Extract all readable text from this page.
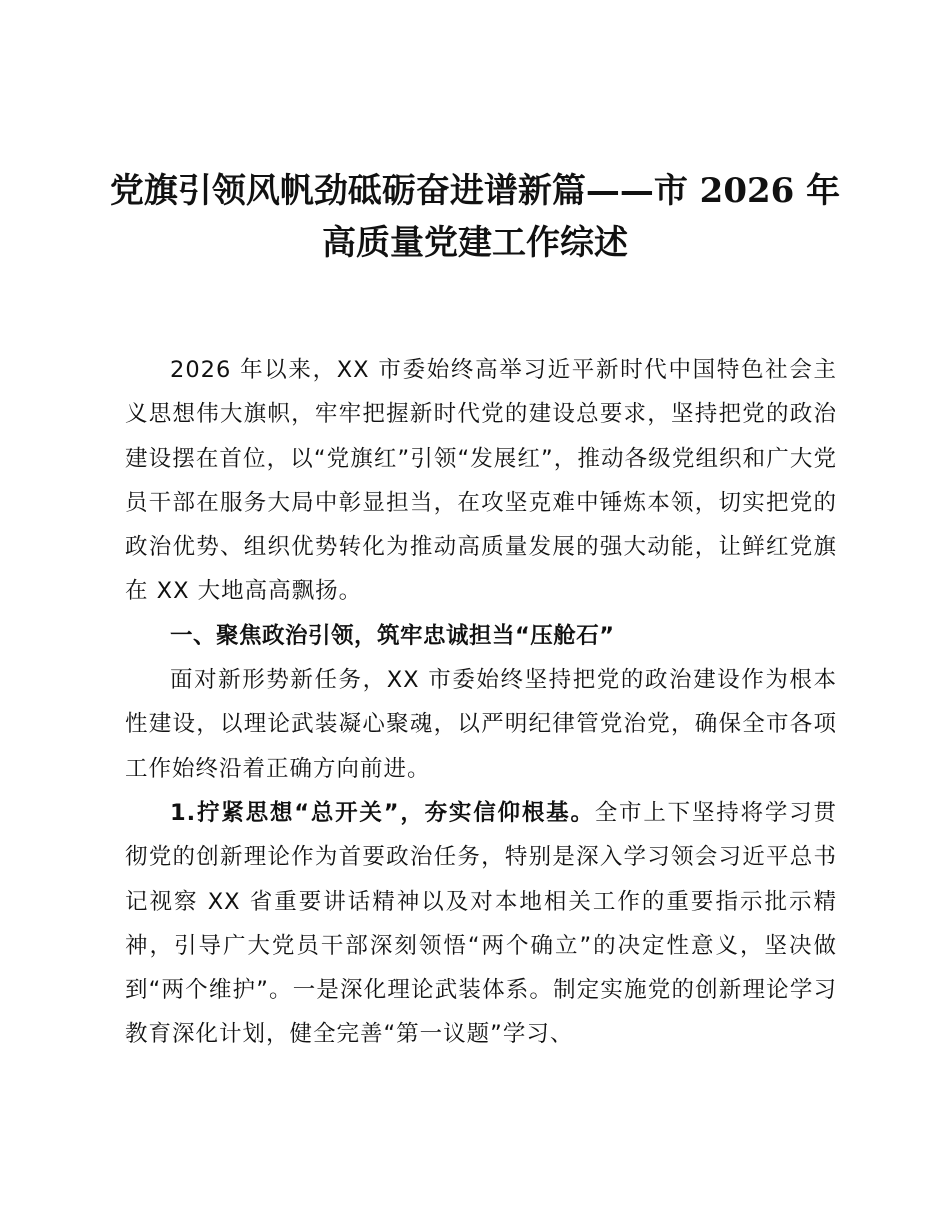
党旗引领风帆劲砥砺奋进谱新篇——市 2026 年
高质量党建工作综述

2026 年以来，XX 市委始终高举习近平新时代中国特色社会主义思想伟大旗帜，牢牢把握新时代党的建设总要求，坚持把党的政治建设摆在首位，以“党旗红”引领“发展红”，推动各级党组织和广大党员干部在服务大局中彰显担当，在攻坚克难中锤炼本领，切实把党的政治优势、组织优势转化为推动高质量发展的强大动能，让鲜红党旗在 XX 大地高高飘扬。

一、聚焦政治引领，筑牢忠诚担当“压舱石”

面对新形势新任务，XX 市委始终坚持把党的政治建设作为根本性建设，以理论武装凝心聚魂，以严明纪律管党治党，确保全市各项工作始终沿着正确方向前进。

1.拧紧思想“总开关”，夯实信仰根基。全市上下坚持将学习贯彻党的创新理论作为首要政治任务，特别是深入学习领会习近平总书记视察 XX 省重要讲话精神以及对本地相关工作的重要指示批示精神，引导广大党员干部深刻领悟“两个确立”的决定性意义，坚决做到“两个维护”。一是深化理论武装体系。制定实施党的创新理论学习教育深化计划，健全完善“第一议题”学习、
